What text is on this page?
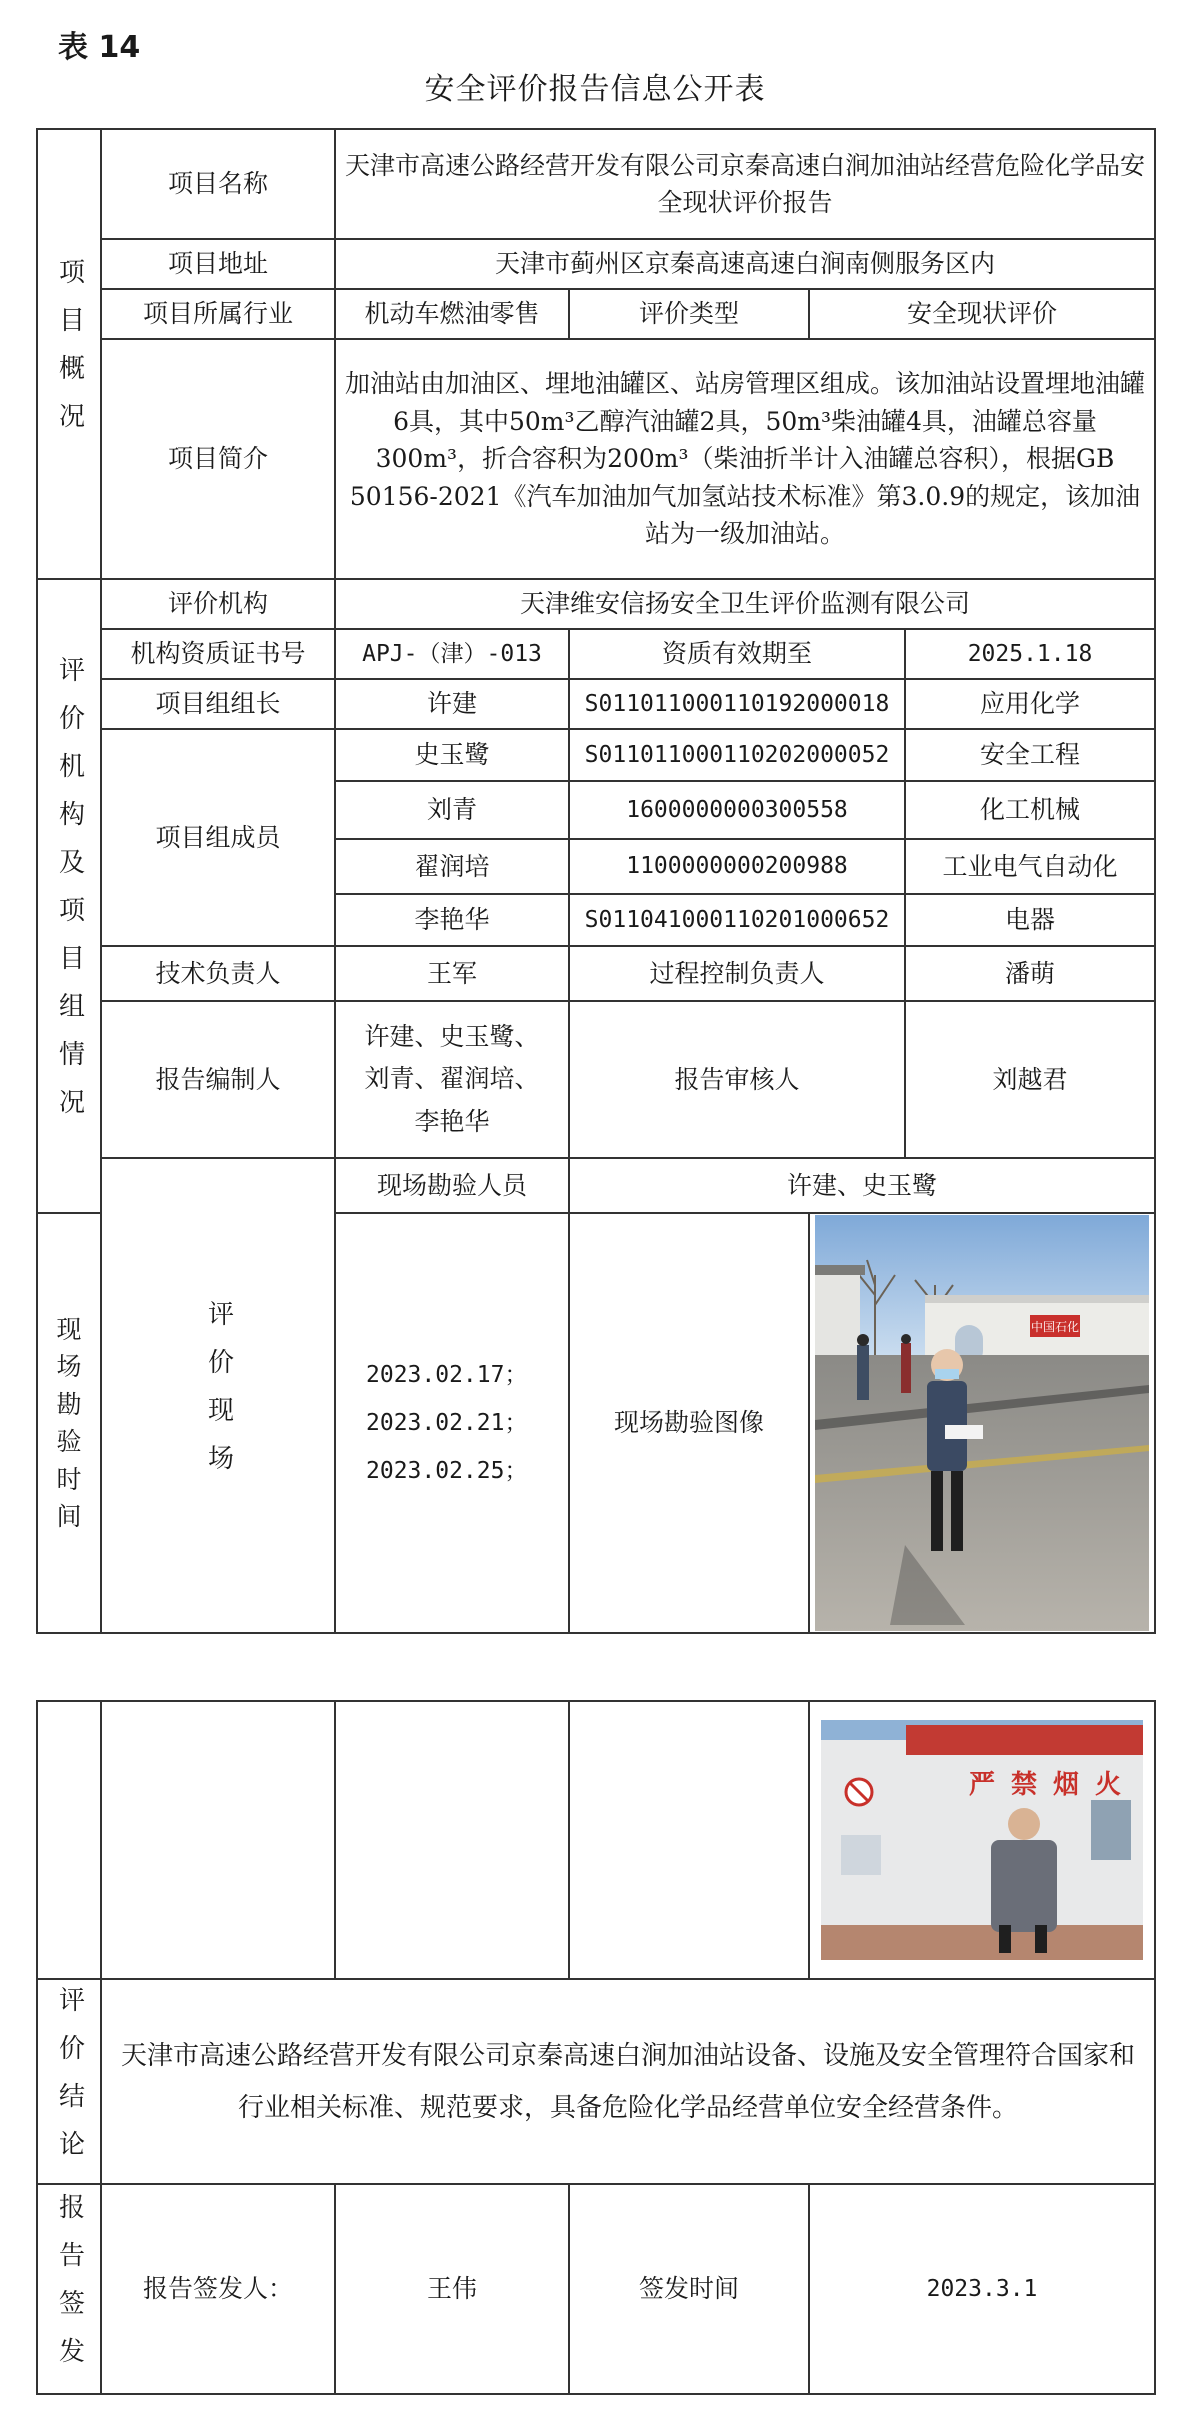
表 14
安全评价报告信息公开表
项目概况	项目名称	天津市高速公路经营开发有限公司京秦高速白涧加油站经营危险化学品安全现状评价报告			
	项目地址	天津市蓟州区京秦高速高速白涧南侧服务区内			
	项目所属行业	机动车燃油零售	评价类型	安全现状评价	
	项目简介	加油站由加油区、埋地油罐区、站房管理区组成。该加油站设置埋地油罐6具，其中50m³乙醇汽油罐2具，50m³柴油罐4具，油罐总容量300m³，折合容积为200m³（柴油折半计入油罐总容积），根据GB 50156-2021《汽车加油加气加氢站技术标准》第3.0.9的规定，该加油站为一级加油站。			
评价机构及项目组情况	评价机构	天津维安信扬安全卫生评价监测有限公司			
	机构资质证书号	APJ-（津）-013	资质有效期至		2025.1.18
	项目组组长	许建	S011011000110192000018		应用化学
	项目组成员	史玉鹭	S011011000110202000052		安全工程
		刘青	1600000000300558		化工机械
		翟润培	1100000000200988		工业电气自动化
		李艳华	S011041000110201000652		电器
	技术负责人	王军	过程控制负责人		潘萌
	报告编制人	许建、史玉鹭、
刘青、翟润培、
李艳华	报告审核人		刘越君
	评价现场	现场勘验人员	许建、史玉鹭		
现场勘验时间		2023.02.17；
2023.02.21；
2023.02.25；	现场勘验图像	中国石化	

严 禁 烟 火

评价结论	天津市高速公路经营开发有限公司京秦高速白涧加油站设备、设施及安全管理符合国家和行业相关标准、规范要求，具备危险化学品经营单位安全经营条件。			
报告签发	报告签发人：	王伟	签发时间	2023.3.1
